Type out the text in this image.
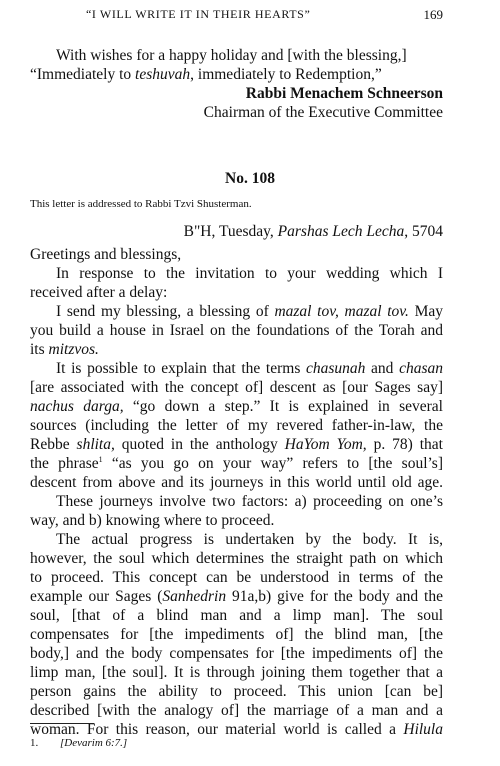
“I WILL WRITE IT IN THEIR HEARTS”	169
With wishes for a happy holiday and [with the blessing,]
“Immediately to teshuvah, immediately to Redemption,”
Rabbi Menachem Schneerson
Chairman of the Executive Committee
No. 108
This letter is addressed to Rabbi Tzvi Shusterman.
B"H, Tuesday, Parshas Lech Lecha, 5704
Greetings and blessings,
In response to the invitation to your wedding which I
received after a delay:
I send my blessing, a blessing of mazal tov, mazal tov. May
you build a house in Israel on the foundations of the Torah and
its mitzvos.
It is possible to explain that the terms chasunah and chasan
[are associated with the concept of] descent as [our Sages say]
nachus darga, “go down a step.” It is explained in several
sources (including the letter of my revered father-in-law, the
Rebbe shlita, quoted in the anthology HaYom Yom, p. 78) that
the phrase$^1$ “as you go on your way” refers to [the soul’s]
descent from above and its journeys in this world until old age.
These journeys involve two factors: a) proceeding on one’s
way, and b) knowing where to proceed.
The actual progress is undertaken by the body. It is,
however, the soul which determines the straight path on which
to proceed. This concept can be understood in terms of the
example our Sages (Sanhedrin 91a,b) give for the body and the
soul, [that of a blind man and a limp man]. The soul
compensates for [the impediments of] the blind man, [the
body,] and the body compensates for [the impediments of] the
limp man, [the soul]. It is through joining them together that a
person gains the ability to proceed. This union [can be]
described [with the analogy of] the marriage of a man and a
woman. For this reason, our material world is called a Hilula
1. [Devarim 6:7.]
